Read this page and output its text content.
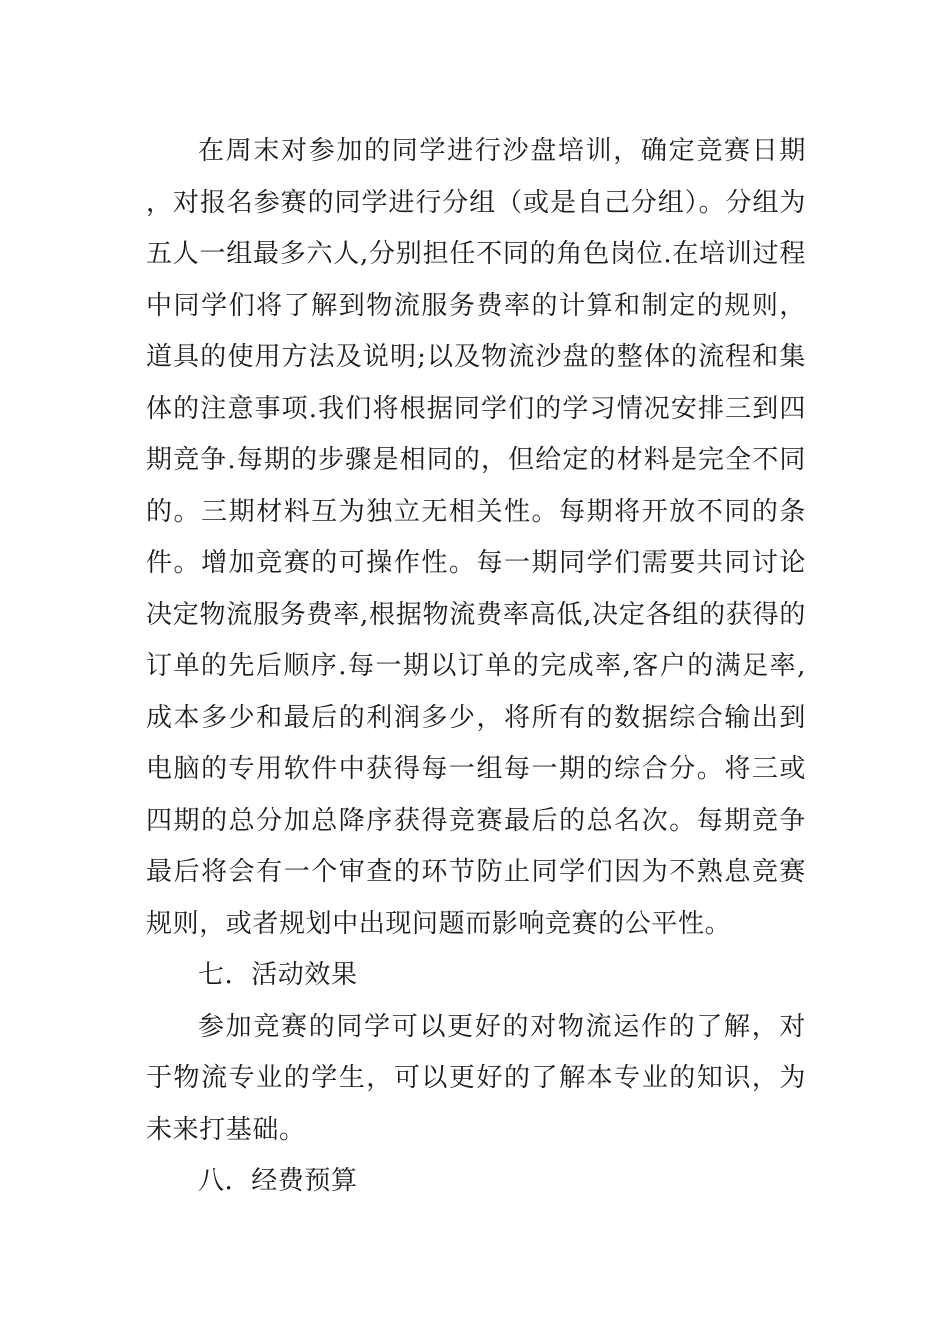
在周末对参加的同学进行沙盘培训，确定竞赛日期，对报名参赛的同学进行分组（或是自己分组）。分组为五人一组最多六人,分别担任不同的角色岗位.在培训过程中同学们将了解到物流服务费率的计算和制定的规则，道具的使用方法及说明;以及物流沙盘的整体的流程和集体的注意事项.我们将根据同学们的学习情况安排三到四期竞争.每期的步骤是相同的，但给定的材料是完全不同的。三期材料互为独立无相关性。每期将开放不同的条件。增加竞赛的可操作性。每一期同学们需要共同讨论决定物流服务费率,根据物流费率高低,决定各组的获得的订单的先后顺序.每一期以订单的完成率,客户的满足率,成本多少和最后的利润多少，将所有的数据综合输出到电脑的专用软件中获得每一组每一期的综合分。将三或四期的总分加总降序获得竞赛最后的总名次。每期竞争最后将会有一个审查的环节防止同学们因为不熟息竞赛规则，或者规划中出现问题而影响竞赛的公平性。

七．活动效果

参加竞赛的同学可以更好的对物流运作的了解，对于物流专业的学生，可以更好的了解本专业的知识，为未来打基础。

八．经费预算
